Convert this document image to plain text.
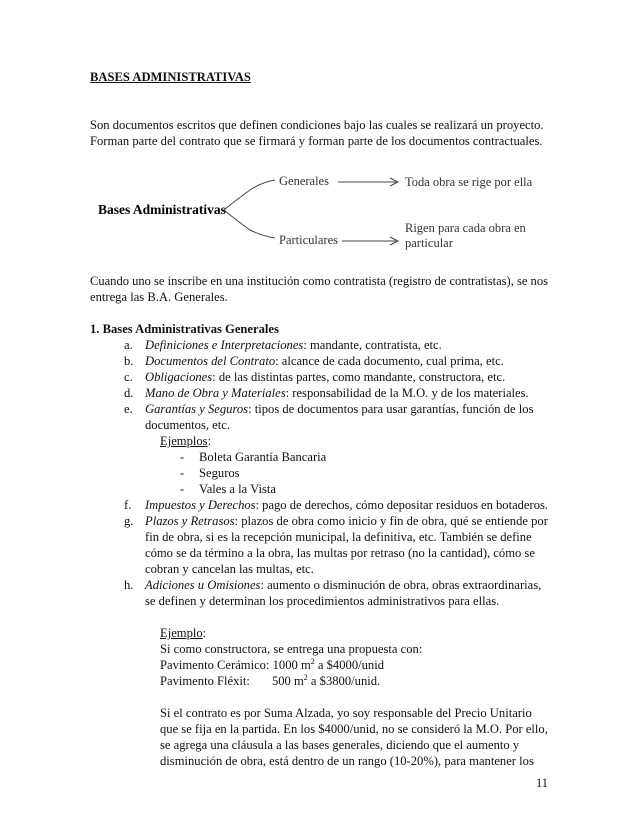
BASES ADMINISTRATIVAS
Son documentos escritos que definen condiciones bajo las cuales se realizará un proyecto.
Forman parte del contrato que se firmará y forman parte de los documentos contractuales.
Bases Administrativas
Generales
Particulares
Toda obra se rige por ella
Rigen para cada obra en
particular
Cuando uno se inscribe en una institución como contratista (registro de contratistas), se nos
entrega las B.A. Generales.
1. Bases Administrativas Generales
a. Definiciones e Interpretaciones: mandante, contratista, etc.
b. Documentos del Contrato: alcance de cada documento, cual prima, etc.
c. Obligaciones: de las distintas partes, como mandante, constructora, etc.
d. Mano de Obra y Materiales: responsabilidad de la M.O. y de los materiales.
e. Garantías y Seguros: tipos de documentos para usar garantías, función de los
documentos, etc.
Ejemplos:
- Boleta Garantía Bancaria
- Seguros
- Vales a la Vista
f. Impuestos y Derechos: pago de derechos, cómo depositar residuos en botaderos.
g. Plazos y Retrasos: plazos de obra como inicio y fin de obra, qué se entiende por
fin de obra, si es la recepción municipal, la definitiva, etc. También se define
cómo se da término a la obra, las multas por retraso (no la cantidad), cómo se
cobran y cancelan las multas, etc.
h. Adiciones u Omisiones: aumento o disminución de obra, obras extraordinarias,
se definen y determinan los procedimientos administrativos para ellas.
Ejemplo:
Si como constructora, se entrega una propuesta con:
Pavimento Cerámico: 1000 $m^2$ a $4000/unid
Pavimento Fléxit:       500 $m^2$ a $3800/unid.
Si el contrato es por Suma Alzada, yo soy responsable del Precio Unitario
que se fija en la partida. En los $4000/unid, no se consideró la M.O. Por ello,
se agrega una cláusula a las bases generales, diciendo que el aumento y
disminución de obra, está dentro de un rango (10-20%), para mantener los
11
